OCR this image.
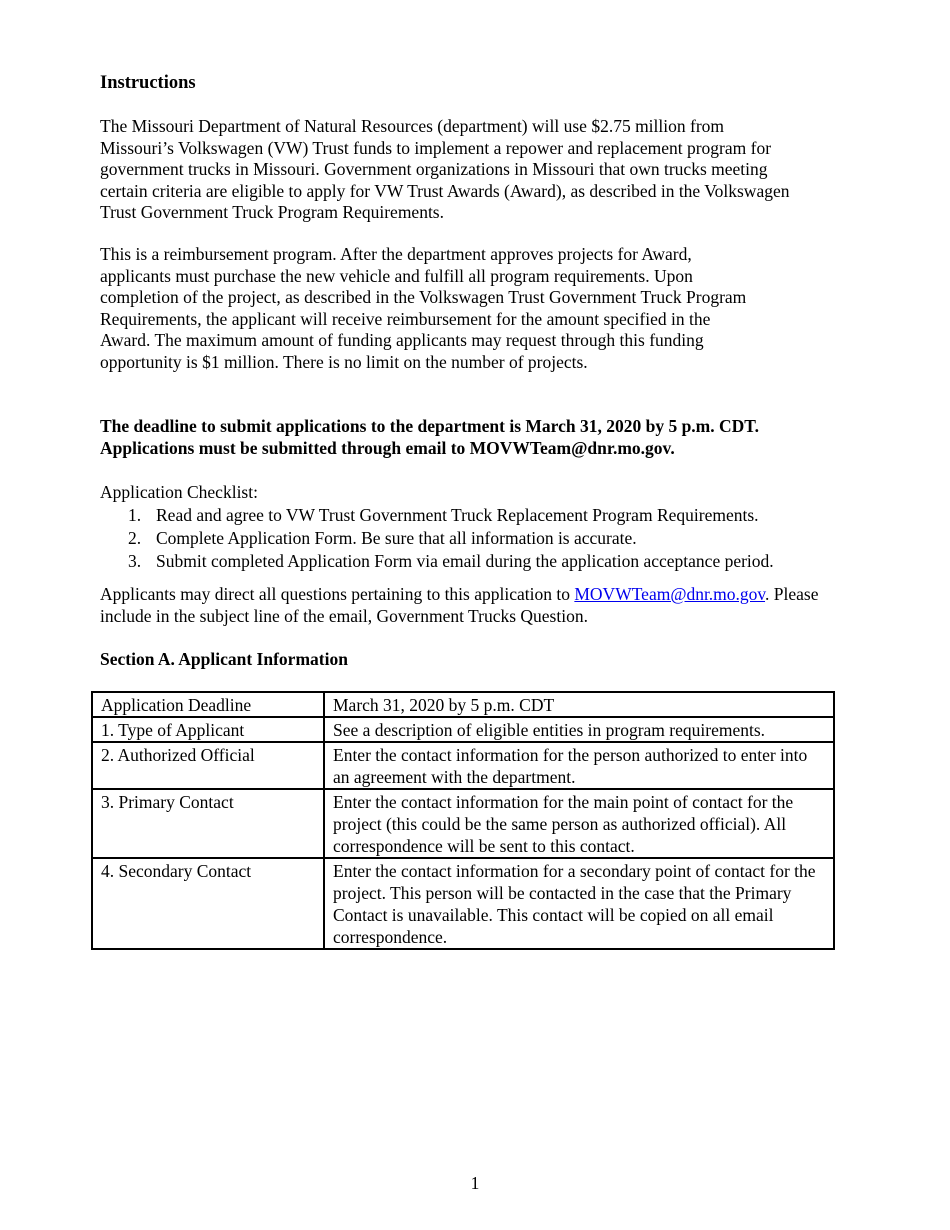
Instructions

The Missouri Department of Natural Resources (department) will use $2.75 million from Missouri’s Volkswagen (VW) Trust funds to implement a repower and replacement program for government trucks in Missouri. Government organizations in Missouri that own trucks meeting certain criteria are eligible to apply for VW Trust Awards (Award), as described in the Volkswagen Trust Government Truck Program Requirements.

This is a reimbursement program. After the department approves projects for Award, applicants must purchase the new vehicle and fulfill all program requirements. Upon completion of the project, as described in the Volkswagen Trust Government Truck Program Requirements, the applicant will receive reimbursement for the amount specified in the Award. The maximum amount of funding applicants may request through this funding opportunity is $1 million. There is no limit on the number of projects.

The deadline to submit applications to the department is March 31, 2020 by 5 p.m. CDT. Applications must be submitted through email to MOVWTeam@dnr.mo.gov.

Application Checklist:

1. Read and agree to VW Trust Government Truck Replacement Program Requirements.
2. Complete Application Form. Be sure that all information is accurate.
3. Submit completed Application Form via email during the application acceptance period.

Applicants may direct all questions pertaining to this application to MOVWTeam@dnr.mo.gov. Please include in the subject line of the email, Government Trucks Question.

Section A. Applicant Information

Application Deadline	March 31, 2020 by 5 p.m. CDT
1. Type of Applicant	See a description of eligible entities in program requirements.
2. Authorized Official	Enter the contact information for the person authorized to enter into an agreement with the department.
3. Primary Contact	Enter the contact information for the main point of contact for the project (this could be the same person as authorized official). All correspondence will be sent to this contact.
4. Secondary Contact	Enter the contact information for a secondary point of contact for the project. This person will be contacted in the case that the Primary Contact is unavailable. This contact will be copied on all email correspondence.
1
